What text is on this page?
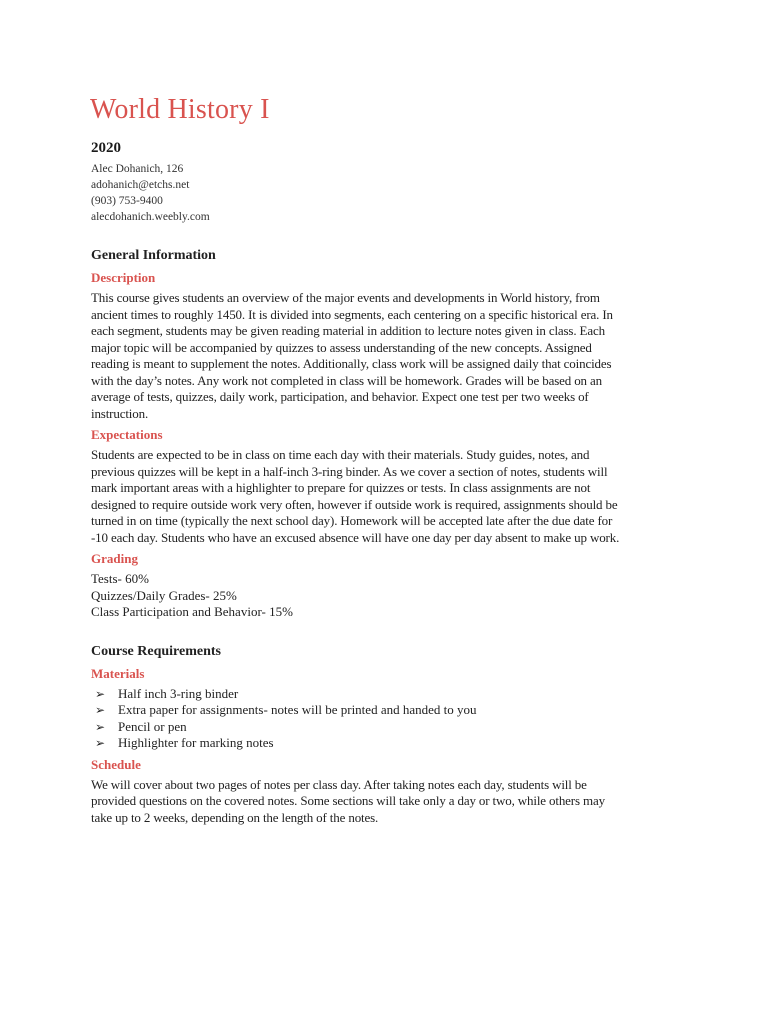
World History I
2020
Alec Dohanich, 126
adohanich@etchs.net
(903) 753-9400
alecdohanich.weebly.com
General Information
Description
This course gives students an overview of the major events and developments in World history, from
ancient times to roughly 1450. It is divided into segments, each centering on a specific historical era. In
each segment, students may be given reading material in addition to lecture notes given in class. Each
major topic will be accompanied by quizzes to assess understanding of the new concepts. Assigned
reading is meant to supplement the notes. Additionally, class work will be assigned daily that coincides
with the day’s notes. Any work not completed in class will be homework. Grades will be based on an
average of tests, quizzes, daily work, participation, and behavior. Expect one test per two weeks of
instruction.
Expectations
Students are expected to be in class on time each day with their materials. Study guides, notes, and
previous quizzes will be kept in a half-inch 3-ring binder. As we cover a section of notes, students will
mark important areas with a highlighter to prepare for quizzes or tests. In class assignments are not
designed to require outside work very often, however if outside work is required, assignments should be
turned in on time (typically the next school day). Homework will be accepted late after the due date for
-10 each day. Students who have an excused absence will have one day per day absent to make up work.
Grading
Tests- 60%
Quizzes/Daily Grades- 25%
Class Participation and Behavior- 15%
Course Requirements
Materials
➢ Half inch 3-ring binder
➢ Extra paper for assignments- notes will be printed and handed to you
➢ Pencil or pen
➢ Highlighter for marking notes
Schedule
We will cover about two pages of notes per class day. After taking notes each day, students will be
provided questions on the covered notes. Some sections will take only a day or two, while others may
take up to 2 weeks, depending on the length of the notes.
